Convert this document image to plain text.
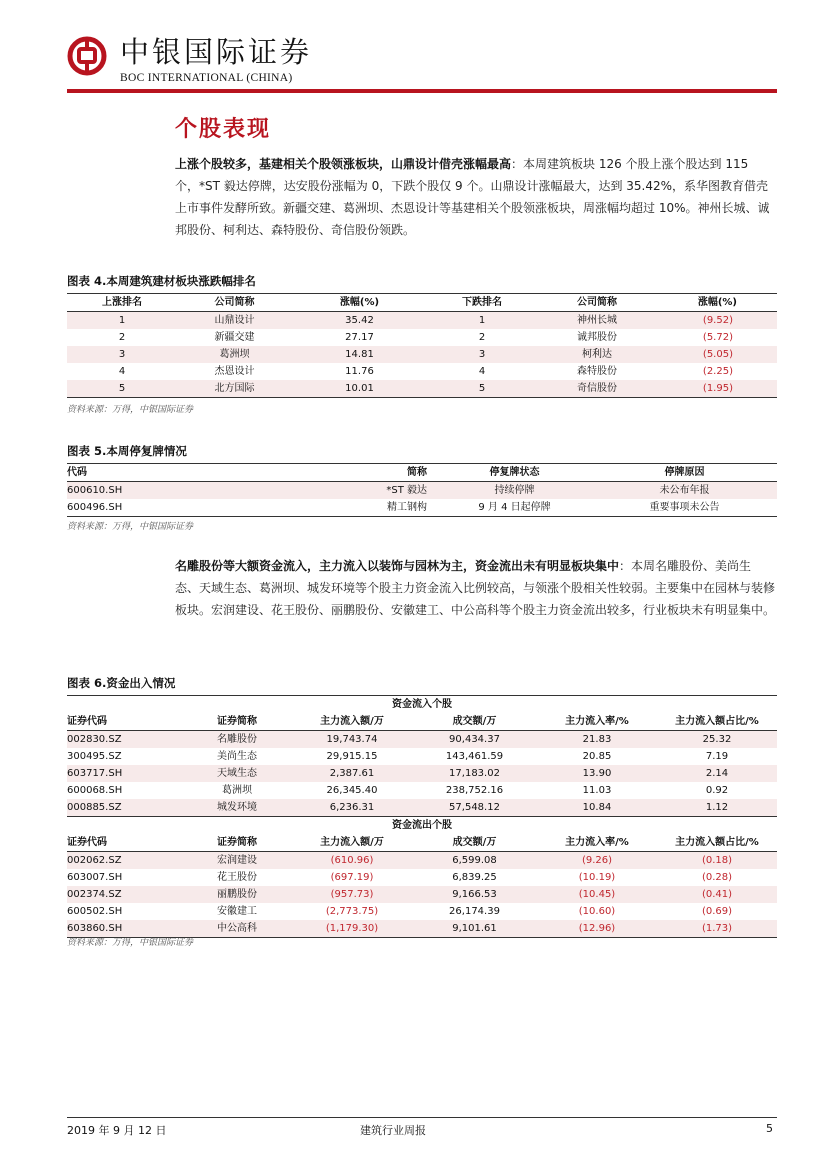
中银国际证券
BOC INTERNATIONAL (CHINA)
个股表现
上涨个股较多，基建相关个股领涨板块，山鼎设计借壳涨幅最高：本周建筑板块 126 个股上涨个股达到 115 个，*ST 毅达停牌，达安股份涨幅为 0，下跌个股仅 9 个。山鼎设计涨幅最大，达到 35.42%，系华图教育借壳上市事件发酵所致。新疆交建、葛洲坝、杰恩设计等基建相关个股领涨板块，周涨幅均超过 10%。神州长城、诚邦股份、柯利达、森特股份、奇信股份领跌。
图表 4.本周建筑建材板块涨跌幅排名
上涨排名	公司简称	涨幅(%)	下跌排名	公司简称	涨幅(%)
1	山鼎设计	35.42	1	神州长城	(9.52)
2	新疆交建	27.17	2	诚邦股份	(5.72)
3	葛洲坝	14.81	3	柯利达	(5.05)
4	杰恩设计	11.76	4	森特股份	(2.25)
5	北方国际	10.01	5	奇信股份	(1.95)
资料来源：万得，中银国际证券
图表 5.本周停复牌情况
代码	简称	停复牌状态	停牌原因
600610.SH	*ST 毅达	持续停牌	未公布年报
600496.SH	精工钢构	9 月 4 日起停牌	重要事项未公告
资料来源：万得，中银国际证券
名雕股份等大额资金流入，主力流入以装饰与园林为主，资金流出未有明显板块集中：本周名雕股份、美尚生态、天域生态、葛洲坝、城发环境等个股主力资金流入比例较高，与领涨个股相关性较弱。主要集中在园林与装修板块。宏润建设、花王股份、丽鹏股份、安徽建工、中公高科等个股主力资金流出较多，行业板块未有明显集中。
图表 6.资金出入情况
资金流入个股					
证券代码	证券简称	主力流入额/万	成交额/万	主力流入率/%	主力流入额占比/%
002830.SZ	名雕股份	19,743.74	90,434.37	21.83	25.32
300495.SZ	美尚生态	29,915.15	143,461.59	20.85	7.19
603717.SH	天域生态	2,387.61	17,183.02	13.90	2.14
600068.SH	葛洲坝	26,345.40	238,752.16	11.03	0.92
000885.SZ	城发环境	6,236.31	57,548.12	10.84	1.12
资金流出个股					
证券代码	证券简称	主力流入额/万	成交额/万	主力流入率/%	主力流入额占比/%
002062.SZ	宏润建设	(610.96)	6,599.08	(9.26)	(0.18)
603007.SH	花王股份	(697.19)	6,839.25	(10.19)	(0.28)
002374.SZ	丽鹏股份	(957.73)	9,166.53	(10.45)	(0.41)
600502.SH	安徽建工	(2,773.75)	26,174.39	(10.60)	(0.69)
603860.SH	中公高科	(1,179.30)	9,101.61	(12.96)	(1.73)
资料来源：万得，中银国际证券
2019 年 9 月 12 日	建筑行业周报	5
